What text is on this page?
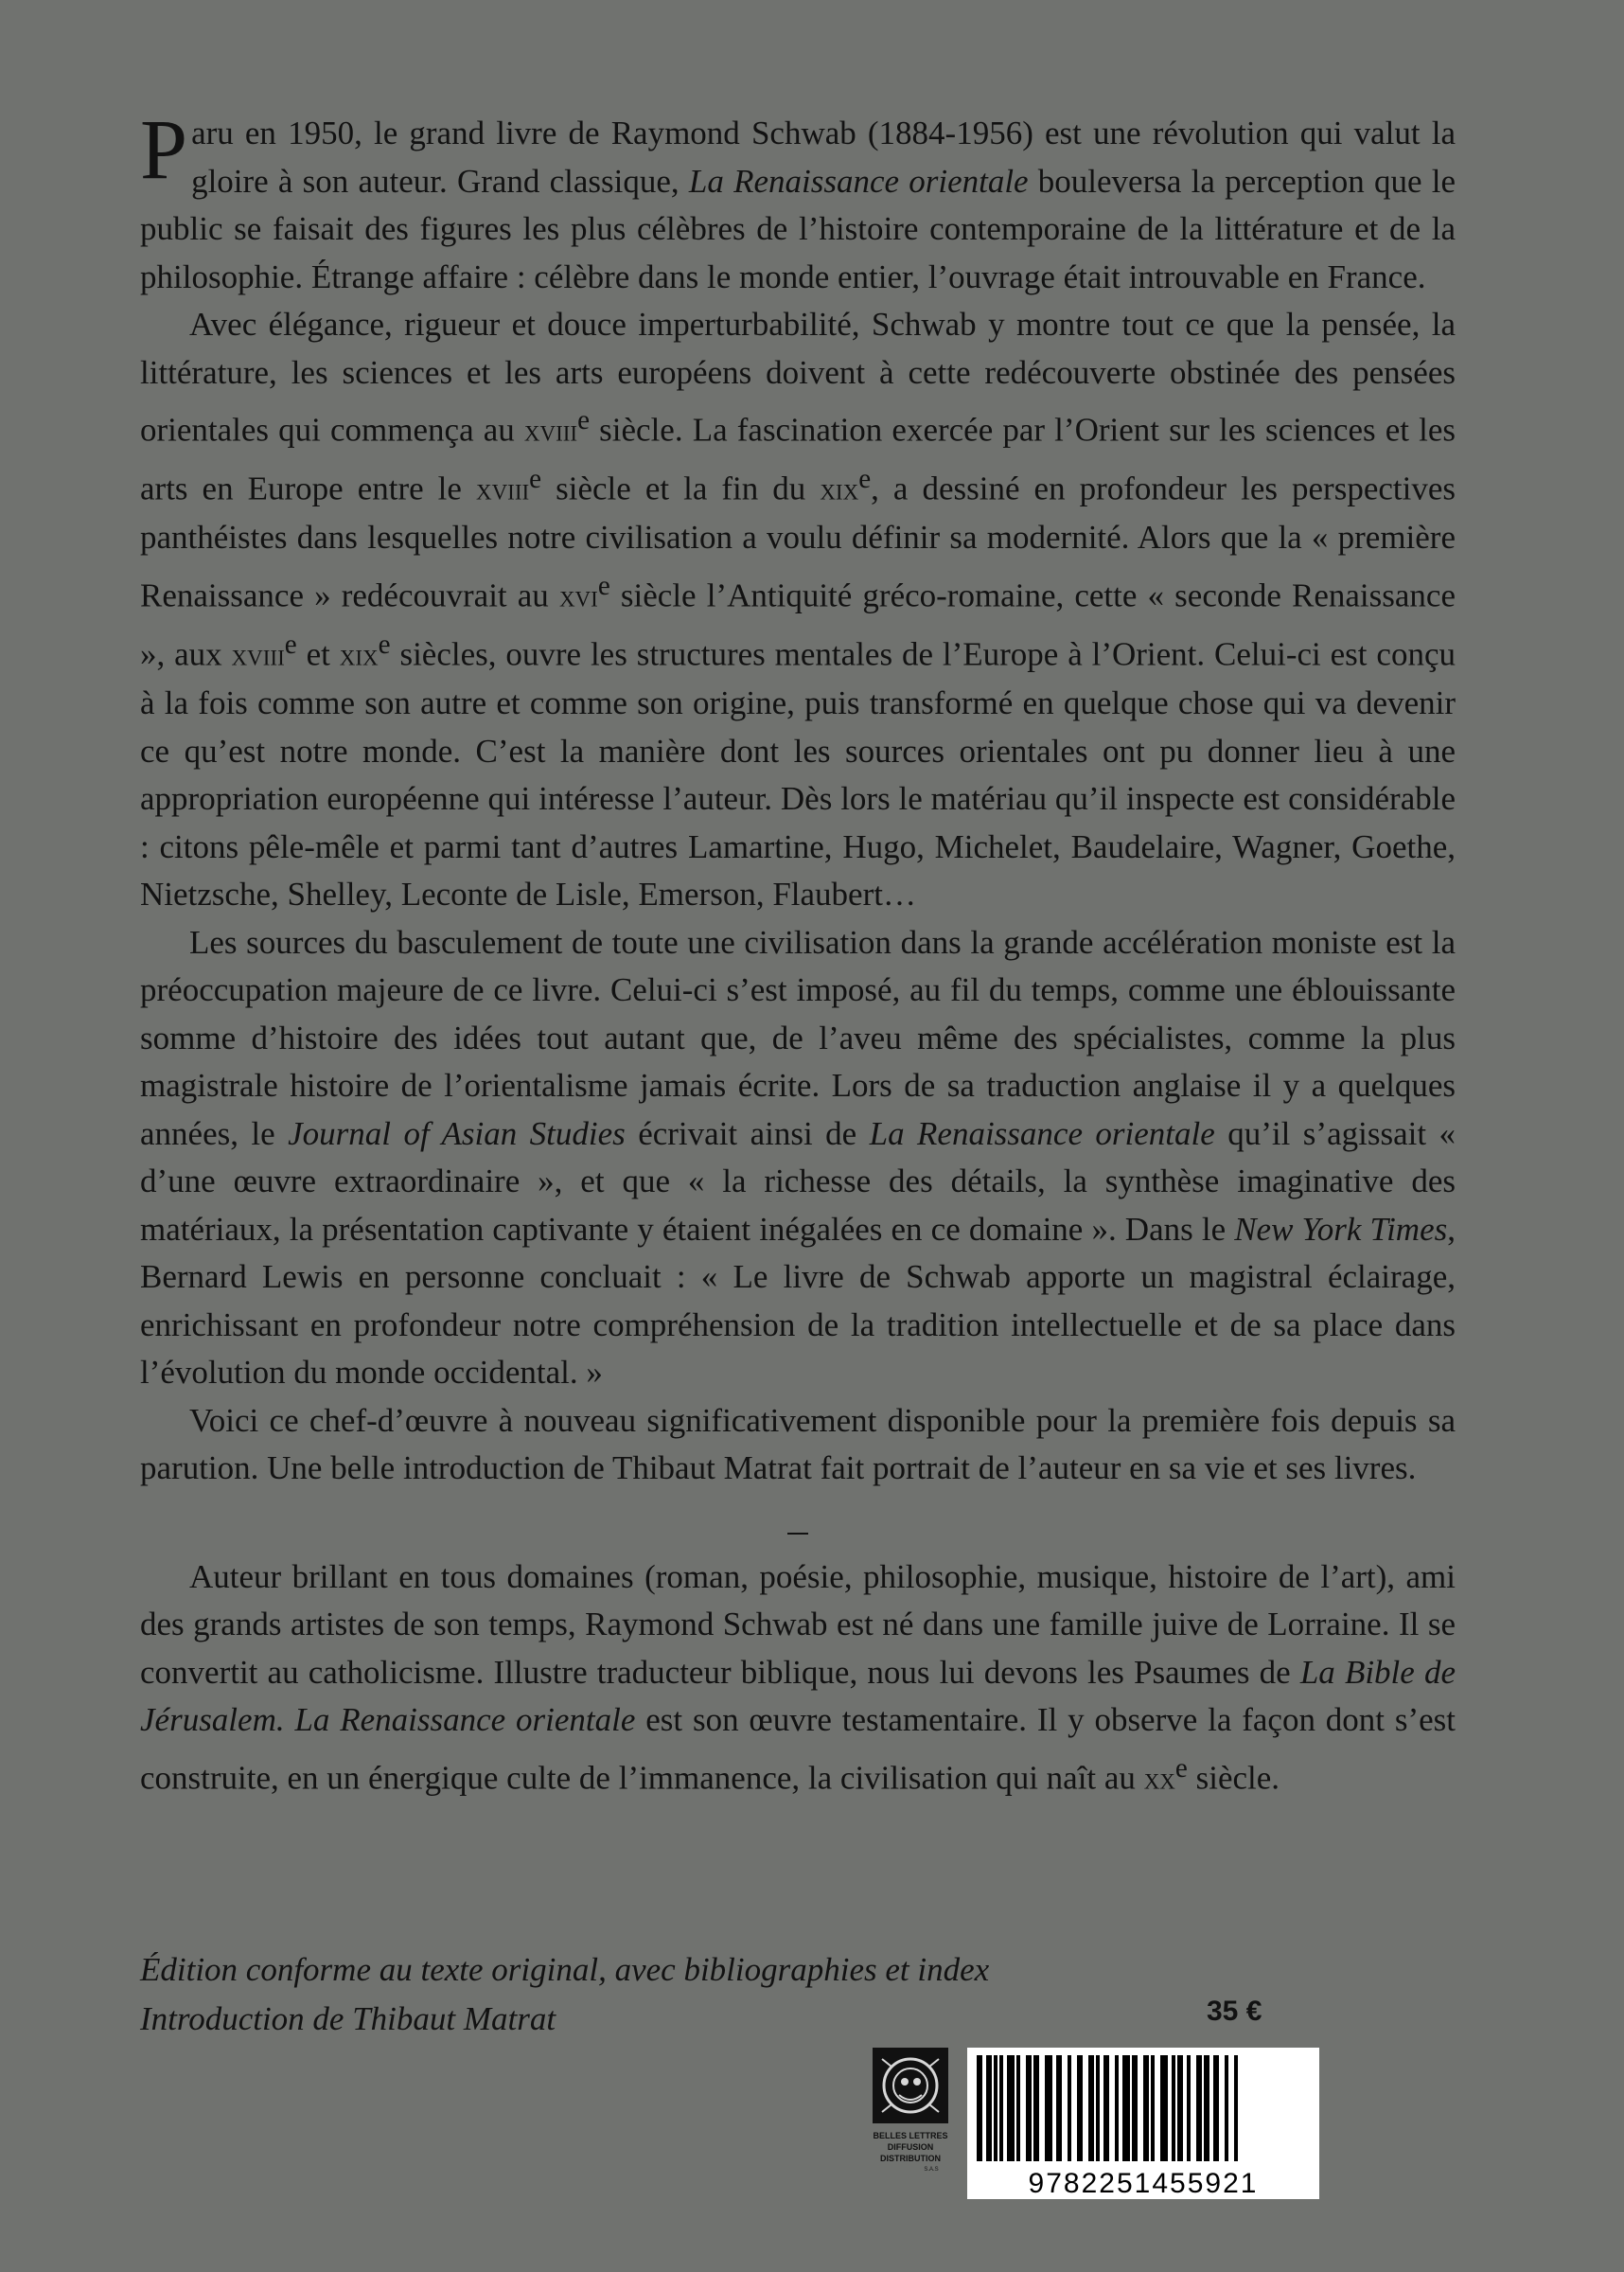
Paru en 1950, le grand livre de Raymond Schwab (1884-1956) est une révolution qui valut la gloire à son auteur. Grand classique, La Renaissance orientale bouleversa la perception que le public se faisait des figures les plus célèbres de l’histoire contemporaine de la littérature et de la philosophie. Étrange affaire : célèbre dans le monde entier, l’ouvrage était introuvable en France.

Avec élégance, rigueur et douce imperturbabilité, Schwab y montre tout ce que la pensée, la littérature, les sciences et les arts européens doivent à cette redécouverte obstinée des pensées orientales qui commença au xviii$^e$ siècle. La fascination exercée par l’Orient sur les sciences et les arts en Europe entre le xviii$^e$ siècle et la fin du xix$^e$, a dessiné en profondeur les perspectives panthéistes dans lesquelles notre civilisation a voulu définir sa modernité. Alors que la « première Renaissance » redécouvrait au xvi$^e$ siècle l’Antiquité gréco-romaine, cette « seconde Renaissance », aux xviii$^e$ et xix$^e$ siècles, ouvre les structures mentales de l’Europe à l’Orient. Celui-ci est conçu à la fois comme son autre et comme son origine, puis transformé en quelque chose qui va devenir ce qu’est notre monde. C’est la manière dont les sources orientales ont pu donner lieu à une appropriation européenne qui intéresse l’auteur. Dès lors le matériau qu’il inspecte est considérable : citons pêle-mêle et parmi tant d’autres Lamartine, Hugo, Michelet, Baudelaire, Wagner, Goethe, Nietzsche, Shelley, Leconte de Lisle, Emerson, Flaubert…

Les sources du basculement de toute une civilisation dans la grande accélération moniste est la préoccupation majeure de ce livre. Celui-ci s’est imposé, au fil du temps, comme une éblouissante somme d’histoire des idées tout autant que, de l’aveu même des spécialistes, comme la plus magistrale histoire de l’orientalisme jamais écrite. Lors de sa traduction anglaise il y a quelques années, le Journal of Asian Studies écrivait ainsi de La Renaissance orientale qu’il s’agissait « d’une œuvre extraordinaire », et que « la richesse des détails, la synthèse imaginative des matériaux, la présentation captivante y étaient inégalées en ce domaine ». Dans le New York Times, Bernard Lewis en personne concluait : « Le livre de Schwab apporte un magistral éclairage, enrichissant en profondeur notre compréhension de la tradition intellectuelle et de sa place dans l’évolution du monde occidental. »

Voici ce chef-d’œuvre à nouveau significativement disponible pour la première fois depuis sa parution. Une belle introduction de Thibaut Matrat fait portrait de l’auteur en sa vie et ses livres.

Auteur brillant en tous domaines (roman, poésie, philosophie, musique, histoire de l’art), ami des grands artistes de son temps, Raymond Schwab est né dans une famille juive de Lorraine. Il se convertit au catholicisme. Illustre traducteur biblique, nous lui devons les Psaumes de La Bible de Jérusalem. La Renaissance orientale est son œuvre testamentaire. Il y observe la façon dont s’est construite, en un énergique culte de l’immanence, la civilisation qui naît au $xx^e$ siècle.

Édition conforme au texte original, avec bibliographies et index
Introduction de Thibaut Matrat	35 €
BELLES LETTRES
DIFFUSION
DISTRIBUTION
S.A.S	9782251455921
